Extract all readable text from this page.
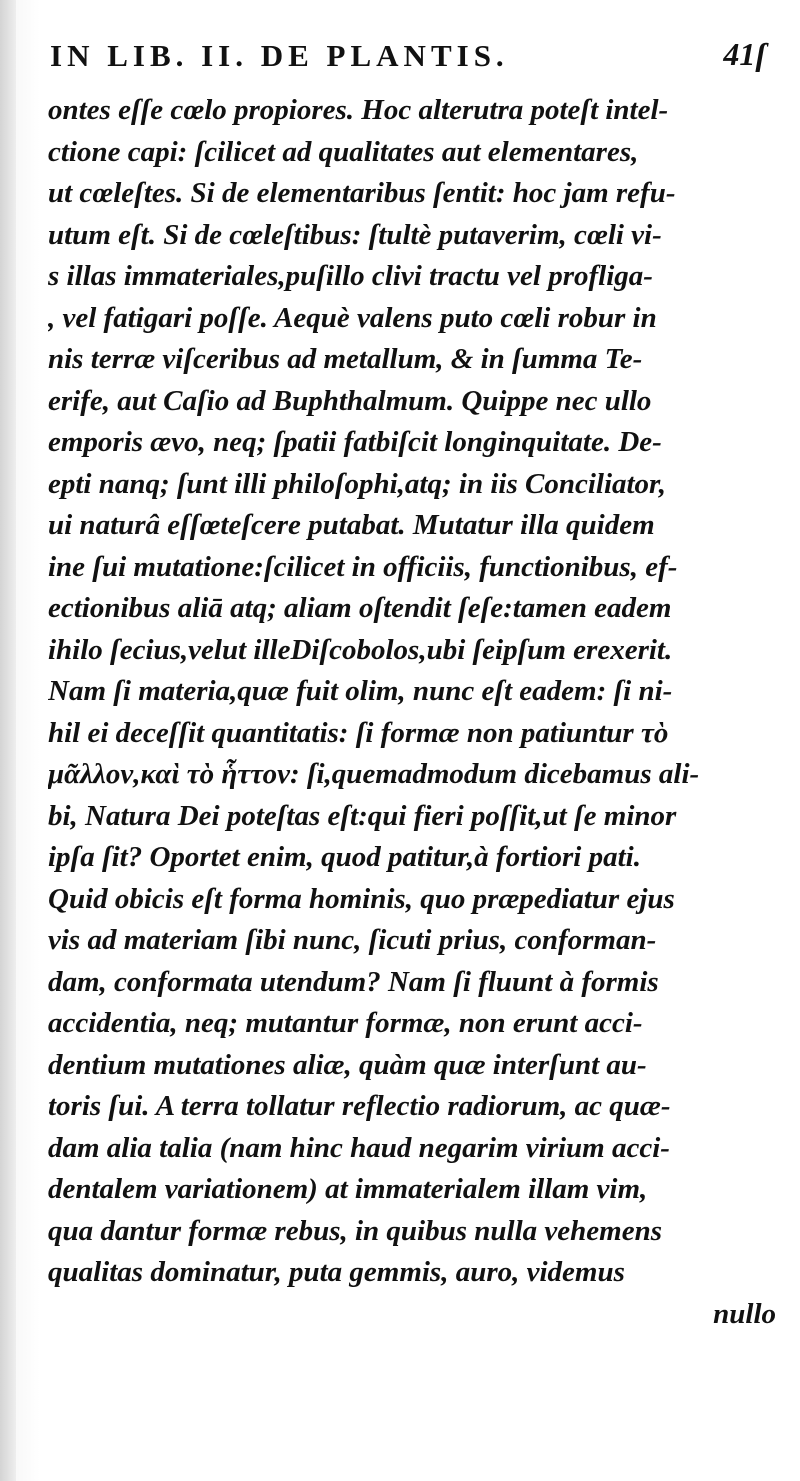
IN LIB. II. DE PLANTIS.	41ſ
ontes eſſe cœlo propiores. Hoc alterutra poteſt intel-
ctione capi: ſcilicet ad qualitates aut elementares,
ut cœleſtes. Si de elementaribus ſentit: hoc jam refu-
utum eſt. Si de cœleſtibus: ſtultè putaverim, cœli vi-
s illas immateriales,puſillo clivi tractu vel profliga-
, vel fatigari poſſe. Aequè valens puto cœli robur in
nis terræ viſceribus ad metallum, & in ſumma Te-
erife, aut Caſio ad Buphthalmum. Quippe nec ullo
emporis ævo, neq; ſpatii fatbiſcit longinquitate. De-
epti nanq; ſunt illi philoſophi,atq; in iis Conciliator,
ui naturâ eſſœteſcere putabat. Mutatur illa quidem
ine ſui mutatione:ſcilicet in officiis, functionibus, ef-
ectionibus aliā atq; aliam oſtendit ſeſe:tamen eadem
ihilo ſecius,velut illeDiſcobolos,ubi ſeipſum erexerit.
Nam ſi materia,quæ fuit olim, nunc eſt eadem: ſi ni-
hil ei deceſſit quantitatis: ſi formæ non patiuntur τὸ
μᾶλλον,καὶ τὸ ἧττον: ſi,quemadmodum dicebamus ali-
bi, Natura Dei poteſtas eſt:qui fieri poſſit,ut ſe minor
ipſa ſit? Oportet enim, quod patitur,à fortiori pati.
Quid obicis eſt forma hominis, quo præpediatur ejus
vis ad materiam ſibi nunc, ſicuti prius, conforman-
dam, conformata utendum? Nam ſi fluunt à formis
accidentia, neq; mutantur formæ, non erunt acci-
dentium mutationes aliæ, quàm quæ interſunt au-
toris ſui. A terra tollatur reflectio radiorum, ac quæ-
dam alia talia (nam hinc haud negarim virium acci-
dentalem variationem) at immaterialem illam vim,
qua dantur formæ rebus, in quibus nulla vehemens
qualitas dominatur, puta gemmis, auro, videmus
nullo
